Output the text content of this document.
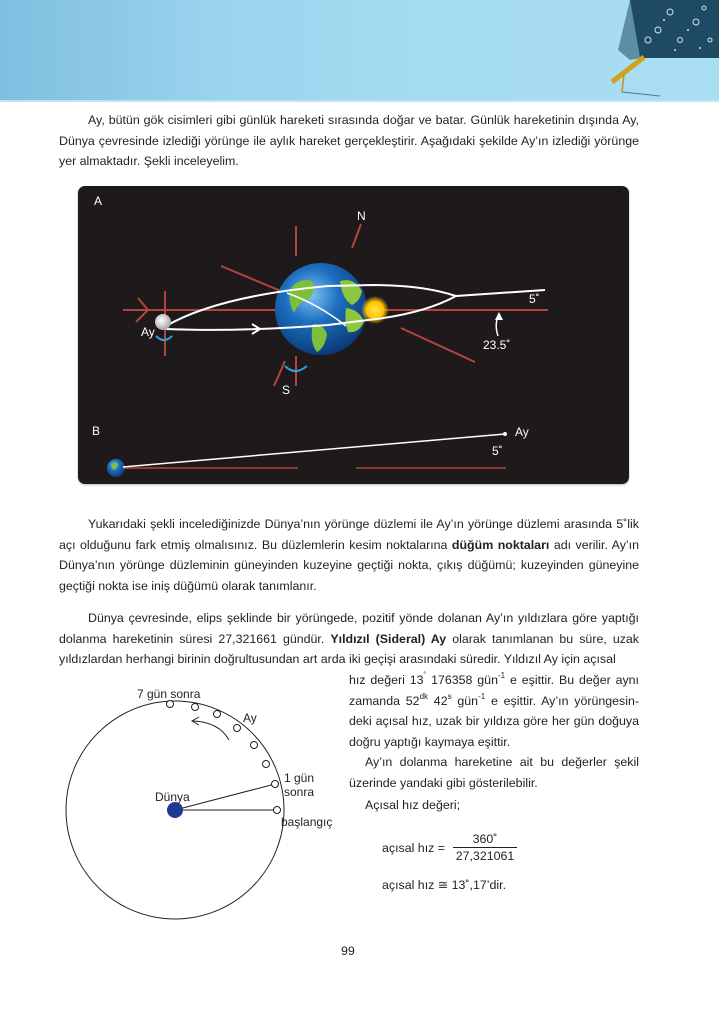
Ay, bütün gök cisimleri gibi günlük hareketi sırasında doğar ve batar. Günlük hareketinin dışında Ay, Dünya çevresinde izlediği yörünge ile aylık hareket gerçekleştirir. Aşağıdaki şekilde Ay’ın izlediği yörünge yer almaktadır. Şekli inceleyelim.

A
N
S
Ay
5˚
23.5˚
B	Ay
5˚

Yukarıdaki şekli incelediğinizde Dünya’nın yörünge düzlemi ile Ay’ın yörünge düzlemi arasında 5˚lik açı olduğunu fark etmiş olmalısınız. Bu düzlemlerin kesim noktalarına düğüm noktaları adı verilir. Ay’ın Dünya’nın yörünge düzleminin güneyinden kuzeyine geçtiği nokta, çıkış düğümü; kuzeyinden güneyine geçtiği nokta ise iniş düğümü olarak tanımlanır.

Dünya çevresinde, elips şeklinde bir yörüngede, pozitif yönde dolanan Ay’ın yıldızlara göre yaptığı dolanma hareketinin süresi 27,321661 gündür. Yıldızıl (Sideral) Ay olarak tanımlanan bu süre, uzak yıldızlardan herhangi birinin doğrultusundan art arda iki geçişi arasındaki süredir. Yıldızıl Ay için açısal

hız değeri 13˚ 176358 gün$^{-1}$ e eşittir. Bu değer aynı zamanda $52^{dk}$ 42$^s$ gün$^{-1}$ e eşittir. Ay’ın yörüngesin- deki açısal hız, uzak bir yıldıza göre her gün doğuya doğru yaptığı kaymaya eşittir.

Ay’ın dolanma hareketine ait bu değerler şekil üzerinde yandaki gibi gösterilebilir.

Açısal hız değeri;

açısal hız = $\frac{360˚}{27,321061}$
açısal hız ≅ 13˚,17’dir.
7 gün sonra
Ay
Dünya
1 gün
sonra
başlangıç
99
